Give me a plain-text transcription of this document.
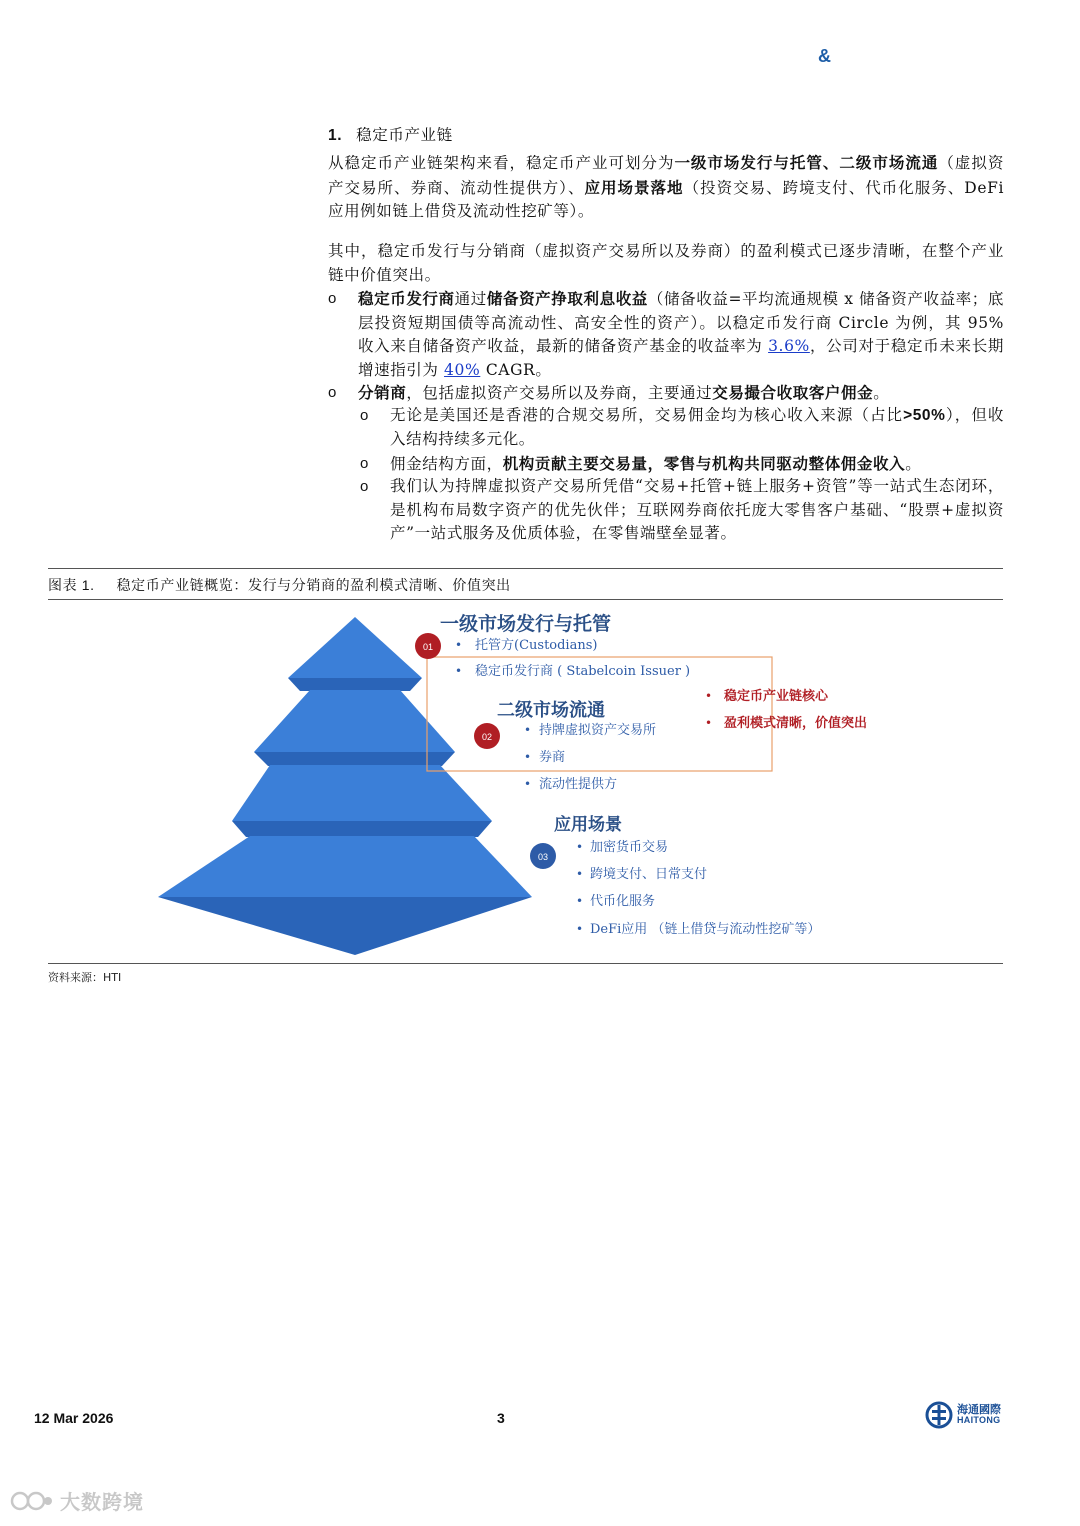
&
1. 稳定币产业链
从稳定币产业链架构来看，稳定币产业可划分为一级市场发行与托管、二级市场流通（虚拟资产交易所、券商、流动性提供方）、应用场景落地（投资交易、跨境支付、代币化服务、DeFi 应用例如链上借贷及流动性挖矿等）。
其中，稳定币发行与分销商（虚拟资产交易所以及券商）的盈利模式已逐步清晰，在整个产业链中价值突出。
o	稳定币发行商通过储备资产挣取利息收益（储备收益=平均流通规模 x 储备资产收益率；底层投资短期国债等高流动性、高安全性的资产）。以稳定币发行商 Circle 为例，其 95% 收入来自储备资产收益，最新的储备资产基金的收益率为 3.6%，公司对于稳定币未来长期增速指引为 40% CAGR。
o	分销商，包括虚拟资产交易所以及券商，主要通过交易撮合收取客户佣金。
o	无论是美国还是香港的合规交易所，交易佣金均为核心收入来源（占比>50%），但收入结构持续多元化。
o	佣金结构方面，机构贡献主要交易量，零售与机构共同驱动整体佣金收入。
o	我们认为持牌虚拟资产交易所凭借“交易+托管+链上服务+资管”等一站式生态闭环，是机构布局数字资产的优先伙伴；互联网券商依托庞大零售客户基础、“股票+虚拟资产”一站式服务及优质体验，在零售端壁垒显著。
图表 1. 稳定币产业链概览：发行与分销商的盈利模式清晰、价值突出
一级市场发行与托管
01 • 托管方(Custodians)
• 稳定币发行商 ( Stabelcoin Issuer )
二级市场流通
02	• 持牌虚拟资产交易所
• 券商
• 流动性提供方
• 稳定币产业链核心
• 盈利模式清晰，价值突出
应用场景
03
• 加密货币交易
• 跨境支付、日常支付
• 代币化服务
• DeFi应用 （链上借贷与流动性挖矿等）
资料来源：HTI
12 Mar 2026	3
海通國際
HAITONG
大数跨境
